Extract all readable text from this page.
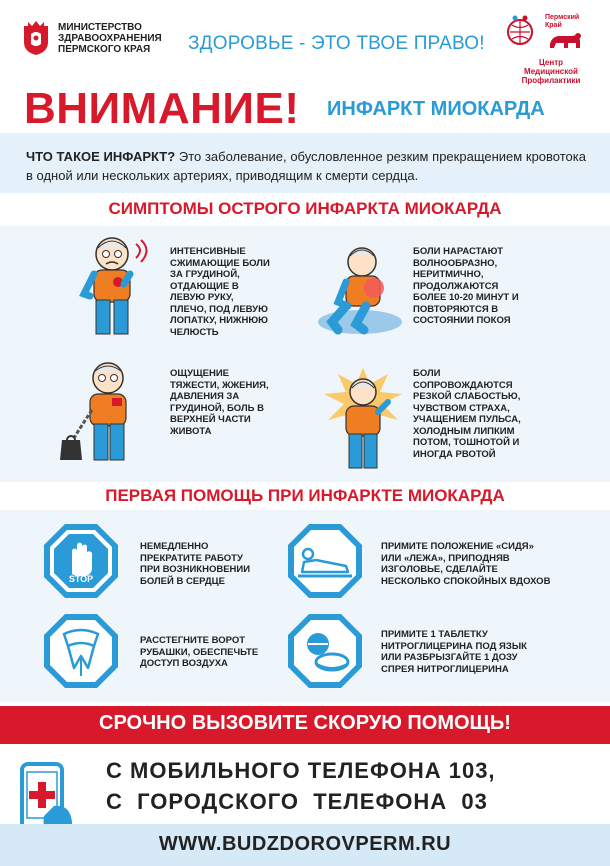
МИНИСТЕРСТВО
ЗДРАВООХРАНЕНИЯ
ПЕРМСКОГО КРАЯ	ЗДОРОВЬЕ - ЭТО ТВОЕ ПРАВО!
Пермский
Край
Центр Медицинской
Профилактики
ВНИМАНИЕ! ИНФАРКТ МИОКАРДА
ЧТО ТАКОЕ ИНФАРКТ? Это заболевание, обусловленное резким прекращением кровотока в одной или нескольких артериях, приводящим к смерти сердца.
СИМПТОМЫ ОСТРОГО ИНФАРКТА МИОКАРДА
ИНТЕНСИВНЫЕ
СЖИМАЮЩИЕ БОЛИ
ЗА ГРУДИНОЙ,
ОТДАЮЩИЕ В
ЛЕВУЮ РУКУ,
ПЛЕЧО, ПОД ЛЕВУЮ
ЛОПАТКУ, НИЖНЮЮ
ЧЕЛЮСТЬ
БОЛИ НАРАСТАЮТ
ВОЛНООБРАЗНО,
НЕРИТМИЧНО,
ПРОДОЛЖАЮТСЯ
БОЛЕЕ 10-20 МИНУТ И
ПОВТОРЯЮТСЯ В
СОСТОЯНИИ ПОКОЯ
ОЩУЩЕНИЕ
ТЯЖЕСТИ, ЖЖЕНИЯ,
ДАВЛЕНИЯ ЗА
ГРУДИНОЙ, БОЛЬ В
ВЕРХНЕЙ ЧАСТИ
ЖИВОТА
БОЛИ
СОПРОВОЖДАЮТСЯ
РЕЗКОЙ СЛАБОСТЬЮ,
ЧУВСТВОМ СТРАХА,
УЧАЩЕНИЕМ ПУЛЬСА,
ХОЛОДНЫМ ЛИПКИМ
ПОТОМ, ТОШНОТОЙ И
ИНОГДА РВОТОЙ
ПЕРВАЯ ПОМОЩЬ ПРИ ИНФАРКТЕ МИОКАРДА
STOP
НЕМЕДЛЕННО
ПРЕКРАТИТЕ РАБОТУ
ПРИ ВОЗНИКНОВЕНИИ
БОЛЕЙ В СЕРДЦЕ
ПРИМИТЕ ПОЛОЖЕНИЕ «СИДЯ»
ИЛИ «ЛЕЖА», ПРИПОДНЯВ
ИЗГОЛОВЬЕ, СДЕЛАЙТЕ
НЕСКОЛЬКО СПОКОЙНЫХ ВДОХОВ
РАССТЕГНИТЕ ВОРОТ
РУБАШКИ, ОБЕСПЕЧЬТЕ
ДОСТУП ВОЗДУХА
ПРИМИТЕ 1 ТАБЛЕТКУ
НИТРОГЛИЦЕРИНА ПОД ЯЗЫК
ИЛИ РАЗБРЫЗГАЙТЕ 1 ДОЗУ
СПРЕЯ НИТРОГЛИЦЕРИНА
СРОЧНО ВЫЗОВИТЕ СКОРУЮ ПОМОЩЬ!
С МОБИЛЬНОГО ТЕЛЕФОНА 103,
С  ГОРОДСКОГО  ТЕЛЕФОНА  03
WWW.BUDZDOROVPERM.RU
